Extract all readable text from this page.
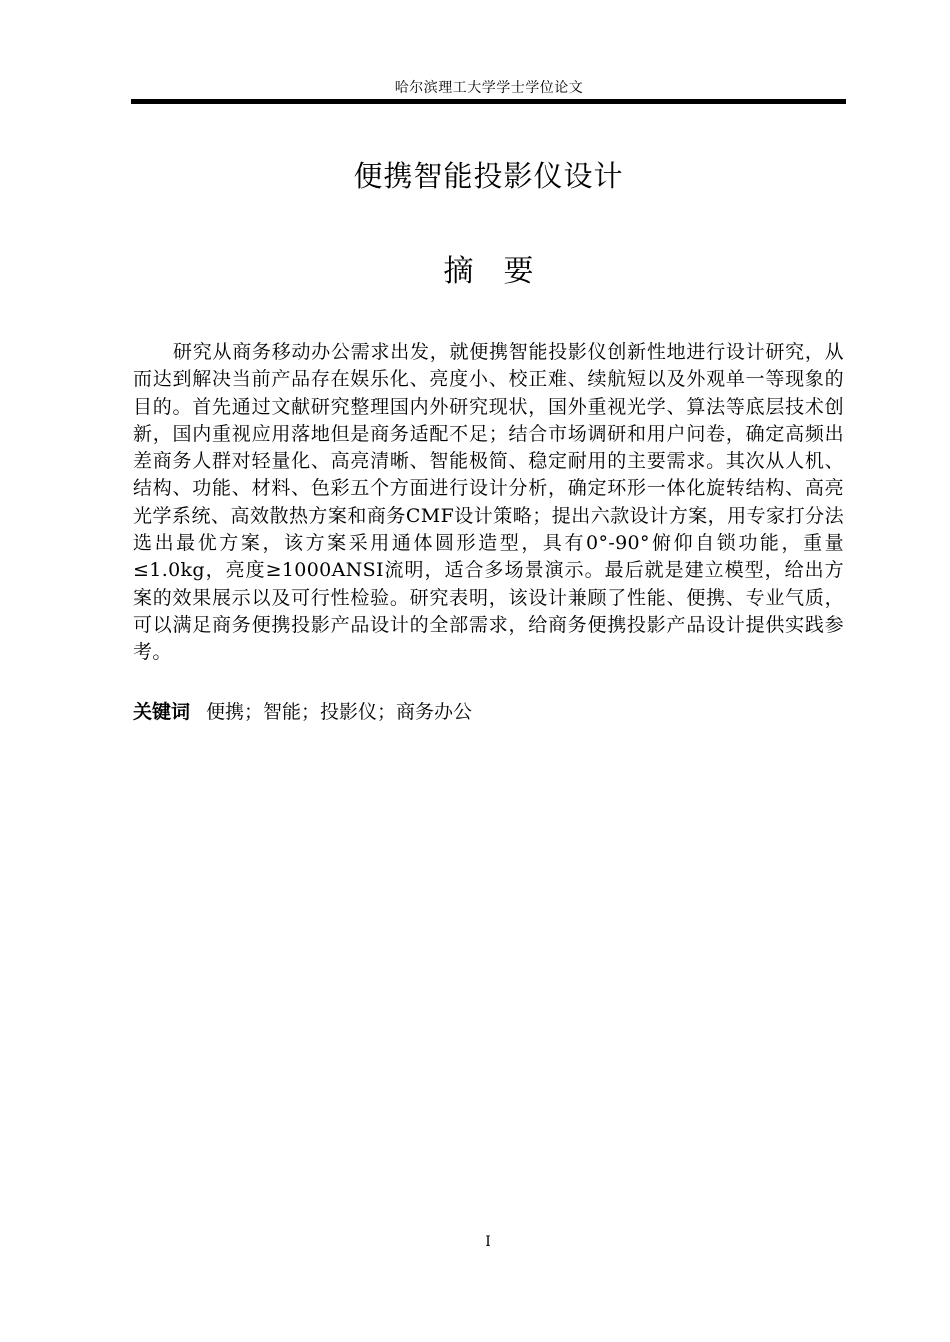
哈尔滨理工大学学士学位论文
便携智能投影仪设计
摘要

研究从商务移动办公需求出发，就便携智能投影仪创新性地进行设计研究，从而达到解决当前产品存在娱乐化、亮度小、校正难、续航短以及外观单一等现象的目的。首先通过文献研究整理国内外研究现状，国外重视光学、算法等底层技术创新，国内重视应用落地但是商务适配不足；结合市场调研和用户问卷，确定高频出差商务人群对轻量化、高亮清晰、智能极简、稳定耐用的主要需求。其次从人机、结构、功能、材料、色彩五个方面进行设计分析，确定环形一体化旋转结构、高亮光学系统、高效散热方案和商务CMF设计策略；提出六款设计方案，用专家打分法选出最优方案，该方案采用通体圆形造型，具有0°-90°俯仰自锁功能，重量≤1.0kg，亮度≥1000ANSI流明，适合多场景演示。最后就是建立模型，给出方案的效果展示以及可行性检验。研究表明，该设计兼顾了性能、便携、专业气质，可以满足商务便携投影产品设计的全部需求，给商务便携投影产品设计提供实践参考。

关键词 便携；智能；投影仪；商务办公
I
